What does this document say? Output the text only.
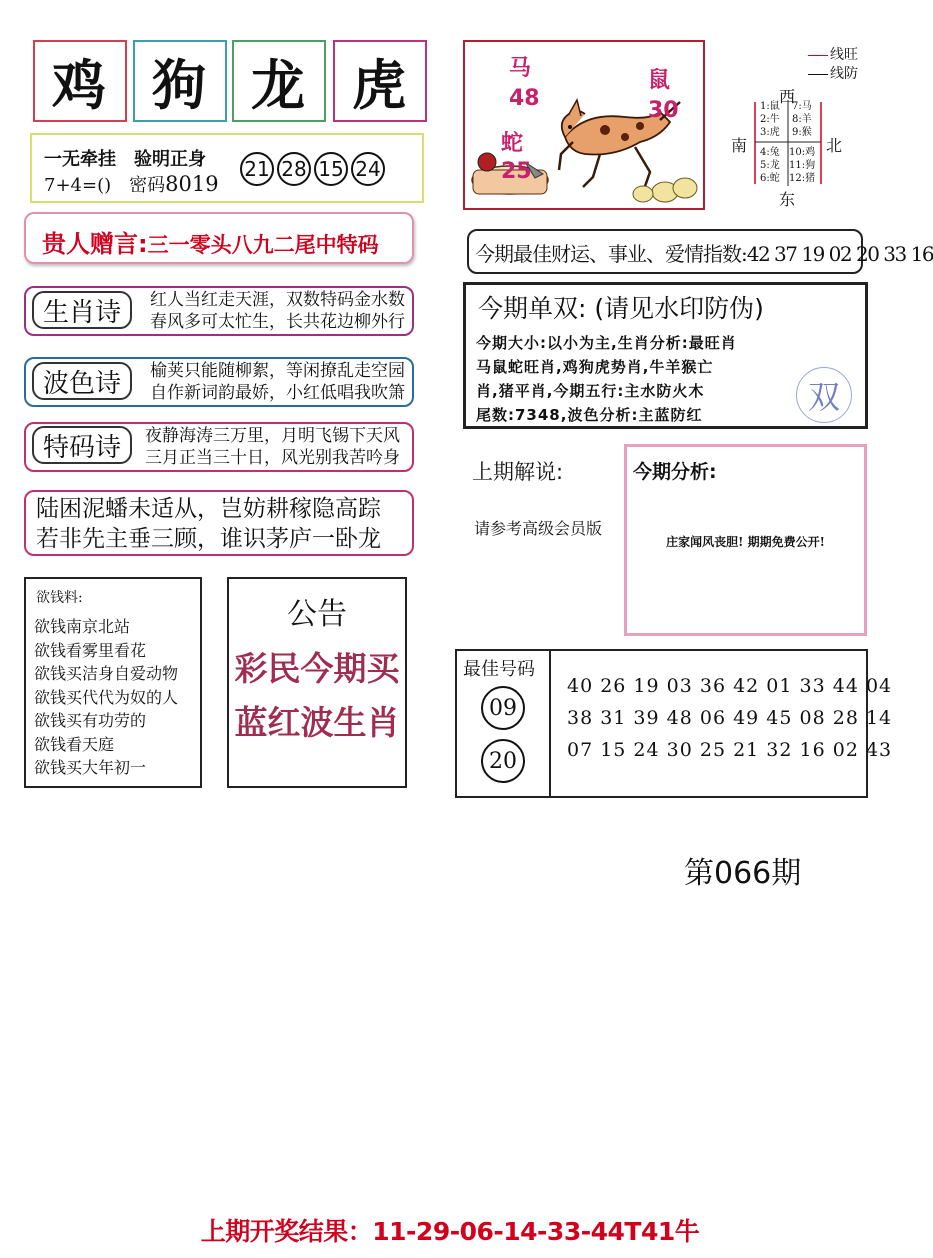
鸡 狗 龙 虎
一无牵挂　验明正身
7+4=()　密码8019
21 28 15 24
贵人赠言:三一零头八九二尾中特码
生肖诗	红人当红走天涯，双数特码金水数
春风多可太忙生，长共花边柳外行
波色诗	榆荚只能随柳絮，等闲撩乱走空园
自作新词韵最娇，小红低唱我吹箫
特码诗	夜静海涛三万里，月明飞锡下天风
三月正当三十日，风光别我苦吟身
陆困泥蟠未适从，岂妨耕稼隐高踪
若非先主垂三顾，谁识茅庐一卧龙
欲钱料:
欲钱南京北站
欲钱看雾里看花
欲钱买洁身自爱动物
欲钱买代代为奴的人
欲钱买有功劳的
欲钱看天庭
欲钱买大年初一
公告
彩民今期买
蓝红波生肖
马
48
鼠
30
蛇
25
线旺
线防
西
南	北
东
1:鼠
2:牛
3:虎
7:马
8:羊
9:猴
4:兔
5:龙
6:蛇
10:鸡
11:狗
12:猪
今期最佳财运、事业、爱情指数:42 37 19 02 20 33 16
今期单双: (请见水印防伪)
今期大小:以小为主,生肖分析:最旺肖
马鼠蛇旺肖,鸡狗虎势肖,牛羊猴亡
肖,猪平肖,今期五行:主水防火木
尾数:7348,波色分析:主蓝防红	双
上期解说:
请参考高级会员版
今期分析:
庄家闻风丧胆! 期期免费公开!
最佳号码
09
20
40 26 19 03 36 42 01 33 44 04
38 31 39 48 06 49 45 08 28 14
07 15 24 30 25 21 32 16 02 43
第066期
上期开奖结果：11-29-06-14-33-44T41牛
